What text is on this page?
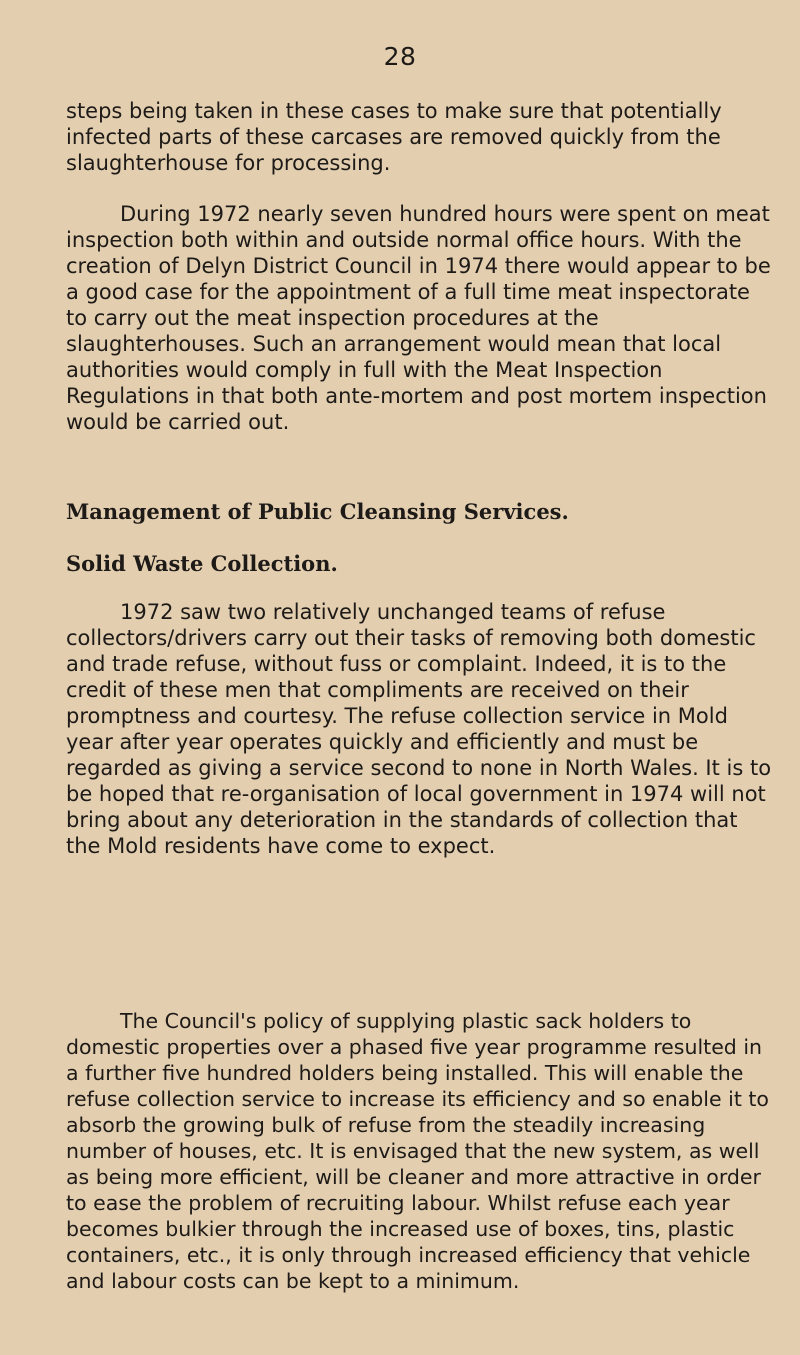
28

steps being taken in these cases to make sure that potentially infected parts of these carcases are removed quickly from the slaughterhouse for processing.

During 1972 nearly seven hundred hours were spent on meat inspection both within and outside normal office hours. With the creation of Delyn District Council in 1974 there would appear to be a good case for the appointment of a full time meat inspectorate to carry out the meat inspection procedures at the slaughterhouses. Such an arrangement would mean that local authorities would comply in full with the Meat Inspection Regulations in that both ante-mortem and post mortem inspection would be carried out.

Management of Public Cleansing Services.
Solid Waste Collection.

1972 saw two relatively unchanged teams of refuse collectors/drivers carry out their tasks of removing both domestic and trade refuse, without fuss or complaint. Indeed, it is to the credit of these men that compliments are received on their promptness and courtesy. The refuse collection service in Mold year after year operates quickly and efficiently and must be regarded as giving a service second to none in North Wales. It is to be hoped that re-organisation of local government in 1974 will not bring about any deterioration in the standards of collection that the Mold residents have come to expect.

The Council's policy of supplying plastic sack holders to domestic properties over a phased five year programme resulted in a further five hundred holders being installed. This will enable the refuse collection service to increase its efficiency and so enable it to absorb the growing bulk of refuse from the steadily increasing number of houses, etc. It is envisaged that the new system, as well as being more efficient, will be cleaner and more attractive in order to ease the problem of recruiting labour. Whilst refuse each year becomes bulkier through the increased use of boxes, tins, plastic containers, etc., it is only through increased efficiency that vehicle and labour costs can be kept to a minimum.
